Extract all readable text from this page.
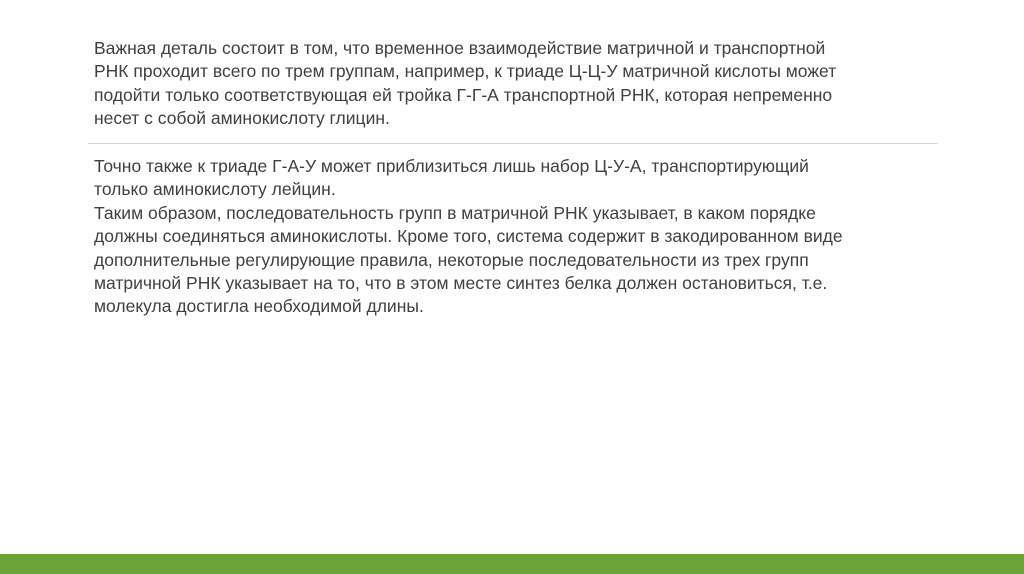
Важная деталь состоит в том, что временное взаимодействие матричной и транспортной
РНК проходит всего по трем группам, например, к триаде Ц-Ц-У матричной кислоты может
подойти только соответствующая ей тройка Г-Г-А транспортной РНК, которая непременно
несет с собой аминокислоту глицин.

Точно также к триаде Г-А-У может приблизиться лишь набор Ц-У-А, транспортирующий
только аминокислоту лейцин.
Таким образом, последовательность групп в матричной РНК указывает, в каком порядке
должны соединяться аминокислоты. Кроме того, система содержит в закодированном виде
дополнительные регулирующие правила, некоторые последовательности из трех групп
матричной РНК указывает на то, что в этом месте синтез белка должен остановиться, т.е.
молекула достигла необходимой длины.
